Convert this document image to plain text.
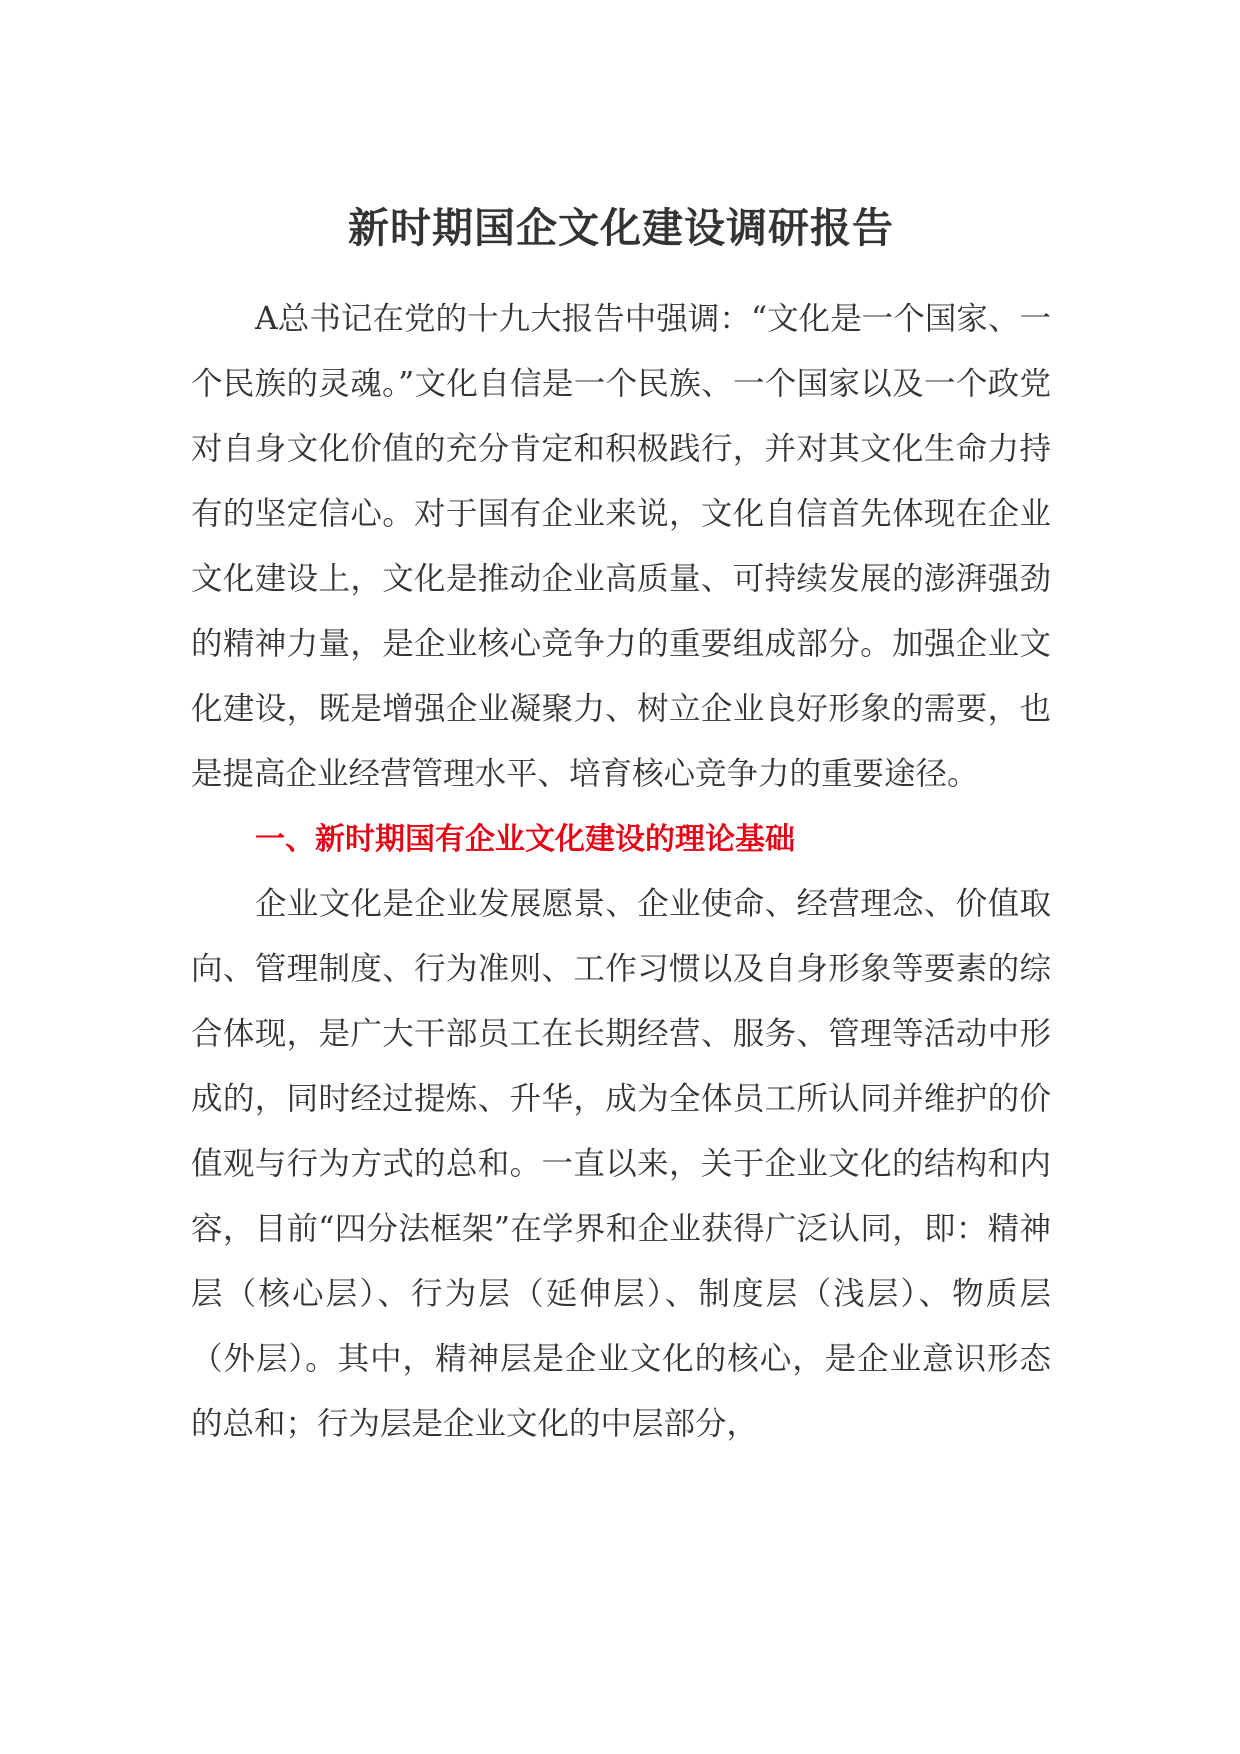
新时期国企文化建设调研报告

A总书记在党的十九大报告中强调：“文化是一个国家、一个民族的灵魂。”文化自信是一个民族、一个国家以及一个政党对自身文化价值的充分肯定和积极践行，并对其文化生命力持有的坚定信心。对于国有企业来说，文化自信首先体现在企业文化建设上，文化是推动企业高质量、可持续发展的澎湃强劲的精神力量，是企业核心竞争力的重要组成部分。加强企业文化建设，既是增强企业凝聚力、树立企业良好形象的需要，也是提高企业经营管理水平、培育核心竞争力的重要途径。

一、新时期国有企业文化建设的理论基础

企业文化是企业发展愿景、企业使命、经营理念、价值取向、管理制度、行为准则、工作习惯以及自身形象等要素的综合体现，是广大干部员工在长期经营、服务、管理等活动中形成的，同时经过提炼、升华，成为全体员工所认同并维护的价值观与行为方式的总和。一直以来，关于企业文化的结构和内容，目前“四分法框架”在学界和企业获得广泛认同，即：精神层（核心层）、行为层（延伸层）、制度层（浅层）、物质层（外层）。其中，精神层是企业文化的核心，是企业意识形态的总和；行为层是企业文化的中层部分，
